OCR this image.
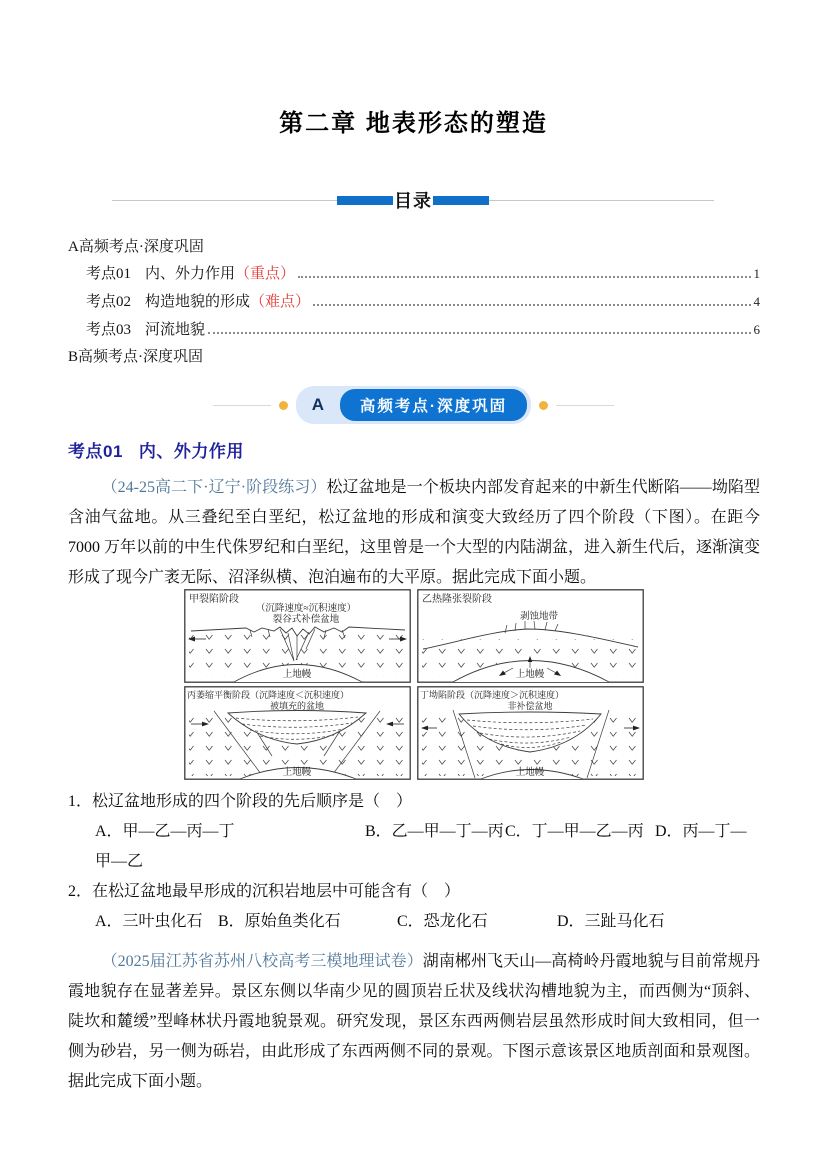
第二章 地表形态的塑造
目录
A高频考点·深度巩固
考点01 内、外力作用 （重点）	1
考点02 构造地貌的形成 （难点）	4
考点03 河流地貌	6
B高频考点·深度巩固
A	高频考点·深度巩固
考点01 内、外力作用
（24-25高二下·辽宁·阶段练习）松辽盆地是一个板块内部发育起来的中新生代断陷——坳陷型含油气盆地。从三叠纪至白垩纪，松辽盆地的形成和演变大致经历了四个阶段（下图）。在距今 7000 万年以前的中生代侏罗纪和白垩纪，这里曾是一个大型的内陆湖盆，进入新生代后，逐渐演变形成了现今广袤无际、沼泽纵横、泡泊遍布的大平原。据此完成下面小题。
甲裂陷阶段
（沉降速度≈沉积速度）
裂谷式补偿盆地
上地幔
乙热隆张裂阶段
剥蚀地带
上地幔
丙萎缩平衡阶段（沉降速度＜沉积速度）
被填充的盆地
上地幔
丁坳陷阶段（沉降速度＞沉积速度）
非补偿盆地
上地幔
1．松辽盆地形成的四个阶段的先后顺序是（　）
A．甲—乙—丙—丁	B．乙—甲—丁—丙C．丁—甲—乙—丙 D．丙—丁—甲—乙
2．在松辽盆地最早形成的沉积岩地层中可能含有（　）
A．三叶虫化石 B．原始鱼类化石	C．恐龙化石	D．三趾马化石
（2025届江苏省苏州八校高考三模地理试卷）湖南郴州飞天山—高椅岭丹霞地貌与目前常规丹霞地貌存在显著差异。景区东侧以华南少见的圆顶岩丘状及线状沟槽地貌为主，而西侧为“顶斜、陡坎和麓缓”型峰林状丹霞地貌景观。研究发现，景区东西两侧岩层虽然形成时间大致相同，但一侧为砂岩，另一侧为砾岩，由此形成了东西两侧不同的景观。下图示意该景区地质剖面和景观图。据此完成下面小题。
